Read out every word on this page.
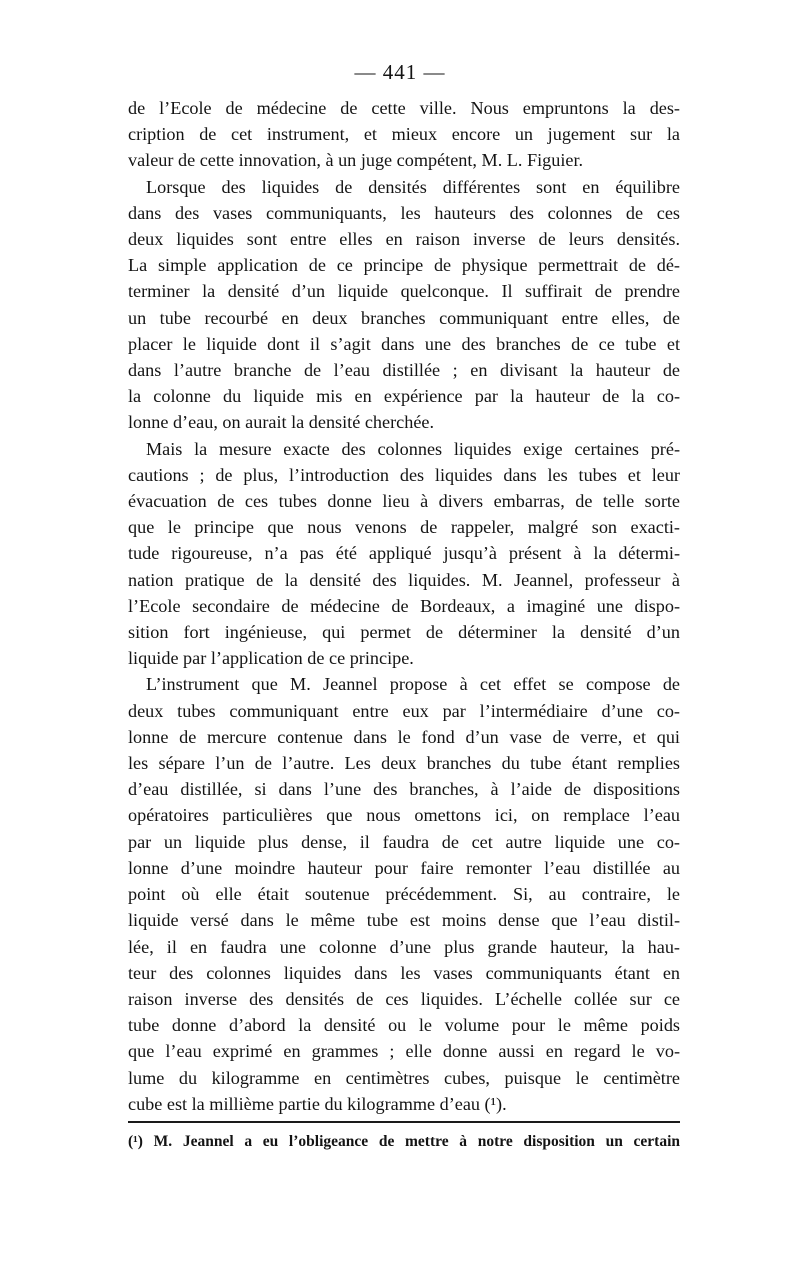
— 441 —
de l’Ecole de médecine de cette ville. Nous empruntons la des-
cription de cet instrument, et mieux encore un jugement sur la
valeur de cette innovation, à un juge compétent, M. L. Figuier.
Lorsque des liquides de densités différentes sont en équilibre
dans des vases communiquants, les hauteurs des colonnes de ces
deux liquides sont entre elles en raison inverse de leurs densités.
La simple application de ce principe de physique permettrait de dé-
terminer la densité d’un liquide quelconque. Il suffirait de prendre
un tube recourbé en deux branches communiquant entre elles, de
placer le liquide dont il s’agit dans une des branches de ce tube et
dans l’autre branche de l’eau distillée ; en divisant la hauteur de
la colonne du liquide mis en expérience par la hauteur de la co-
lonne d’eau, on aurait la densité cherchée.
Mais la mesure exacte des colonnes liquides exige certaines pré-
cautions ; de plus, l’introduction des liquides dans les tubes et leur
évacuation de ces tubes donne lieu à divers embarras, de telle sorte
que le principe que nous venons de rappeler, malgré son exacti-
tude rigoureuse, n’a pas été appliqué jusqu’à présent à la détermi-
nation pratique de la densité des liquides. M. Jeannel, professeur à
l’Ecole secondaire de médecine de Bordeaux, a imaginé une dispo-
sition fort ingénieuse, qui permet de déterminer la densité d’un
liquide par l’application de ce principe.
L’instrument que M. Jeannel propose à cet effet se compose de
deux tubes communiquant entre eux par l’intermédiaire d’une co-
lonne de mercure contenue dans le fond d’un vase de verre, et qui
les sépare l’un de l’autre. Les deux branches du tube étant remplies
d’eau distillée, si dans l’une des branches, à l’aide de dispositions
opératoires particulières que nous omettons ici, on remplace l’eau
par un liquide plus dense, il faudra de cet autre liquide une co-
lonne d’une moindre hauteur pour faire remonter l’eau distillée au
point où elle était soutenue précédemment. Si, au contraire, le
liquide versé dans le même tube est moins dense que l’eau distil-
lée, il en faudra une colonne d’une plus grande hauteur, la hau-
teur des colonnes liquides dans les vases communiquants étant en
raison inverse des densités de ces liquides. L’échelle collée sur ce
tube donne d’abord la densité ou le volume pour le même poids
que l’eau exprimé en grammes ; elle donne aussi en regard le vo-
lume du kilogramme en centimètres cubes, puisque le centimètre
cube est la millième partie du kilogramme d’eau (¹).
(¹) M. Jeannel a eu l’obligeance de mettre à notre disposition un certain
